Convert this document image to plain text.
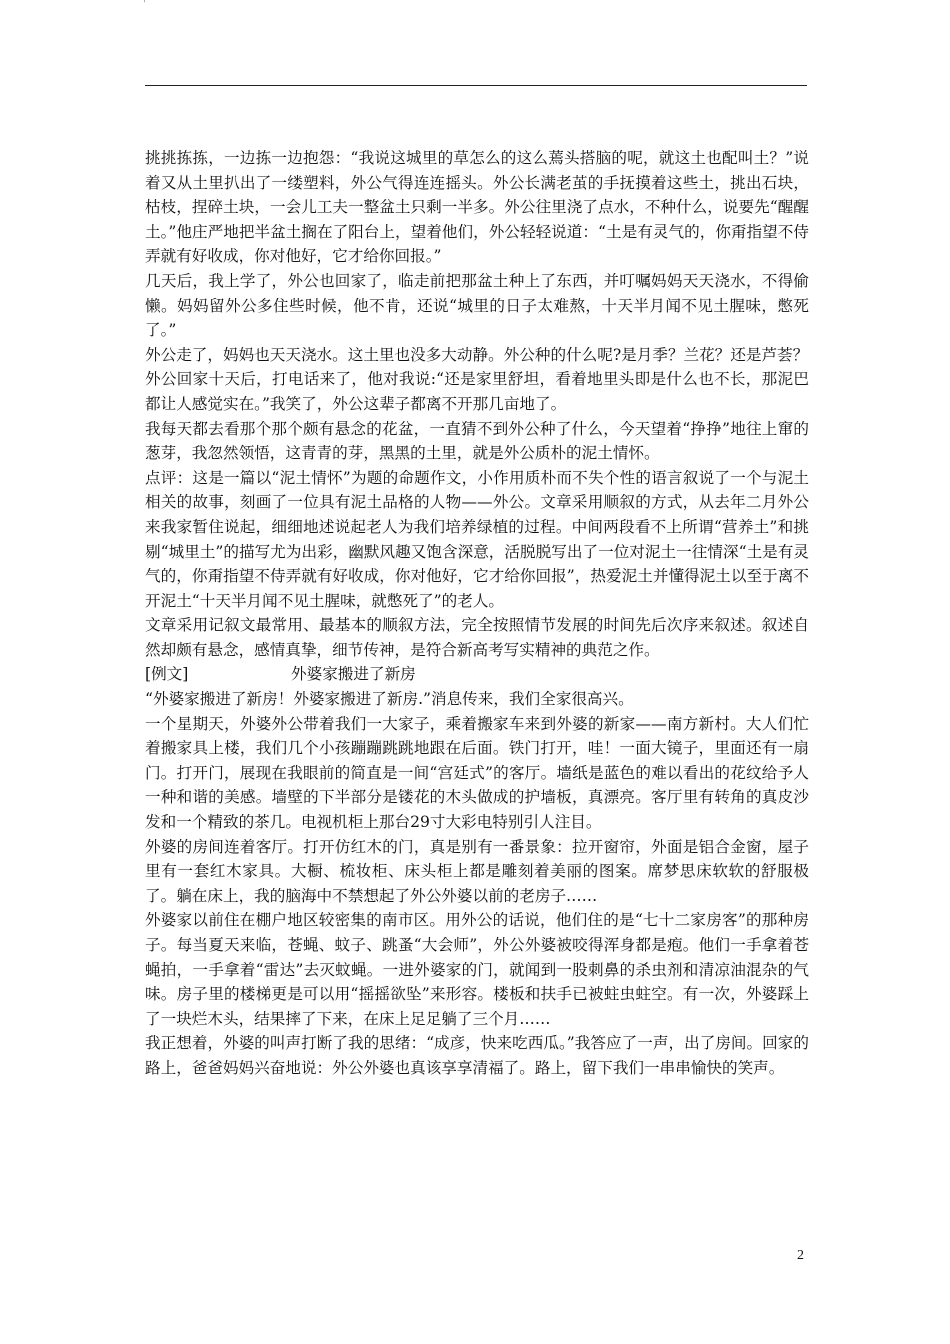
'

挑挑拣拣，一边拣一边抱怨：“我说这城里的草怎么的这么蔫头搭脑的呢，就这土也配叫土？”说着又从土里扒出了一缕塑料，外公气得连连摇头。外公长满老茧的手抚摸着这些土，挑出石块，枯枝，捏碎土块，一会儿工夫一整盆土只剩一半多。外公往里浇了点水，不种什么，说要先“醒醒土。”他庄严地把半盆土搁在了阳台上，望着他们，外公轻轻说道：“土是有灵气的，你甭指望不侍弄就有好收成，你对他好，它才给你回报。”

几天后，我上学了，外公也回家了，临走前把那盆土种上了东西，并叮嘱妈妈天天浇水，不得偷懒。妈妈留外公多住些时候，他不肯，还说“城里的日子太难熬，十天半月闻不见土腥味，憋死了。”

外公走了，妈妈也天天浇水。这土里也没多大动静。外公种的什么呢?是月季？兰花？还是芦荟？

外公回家十天后，打电话来了，他对我说:“还是家里舒坦，看着地里头即是什么也不长，那泥巴都让人感觉实在。”我笑了，外公这辈子都离不开那几亩地了。

我每天都去看那个那个颇有悬念的花盆，一直猜不到外公种了什么，今天望着“挣挣”地往上窜的葱芽，我忽然领悟，这青青的芽，黑黑的土里，就是外公质朴的泥土情怀。

点评：这是一篇以“泥土情怀”为题的命题作文，小作用质朴而不失个性的语言叙说了一个与泥土相关的故事，刻画了一位具有泥土品格的人物——外公。文章采用顺叙的方式，从去年二月外公来我家暂住说起，细细地述说起老人为我们培养绿植的过程。中间两段看不上所谓“营养土”和挑剔“城里土”的描写尤为出彩，幽默风趣又饱含深意，活脱脱写出了一位对泥土一往情深“土是有灵气的，你甭指望不侍弄就有好收成，你对他好，它才给你回报”，热爱泥土并懂得泥土以至于离不开泥土“十天半月闻不见土腥味，就憋死了”的老人。

文章采用记叙文最常用、最基本的顺叙方法，完全按照情节发展的时间先后次序来叙述。叙述自然却颇有悬念，感情真挚，细节传神，是符合新高考写实精神的典范之作。

[例文]	外婆家搬进了新房

“外婆家搬进了新房！外婆家搬进了新房.”消息传来，我们全家很高兴。

一个星期天，外婆外公带着我们一大家子，乘着搬家车来到外婆的新家——南方新村。大人们忙着搬家具上楼，我们几个小孩蹦蹦跳跳地跟在后面。铁门打开，哇！一面大镜子，里面还有一扇门。打开门，展现在我眼前的简直是一间“宫廷式”的客厅。墙纸是蓝色的难以看出的花纹给予人一种和谐的美感。墙壁的下半部分是镂花的木头做成的护墙板，真漂亮。客厅里有转角的真皮沙发和一个精致的茶几。电视机柜上那台29寸大彩电特别引人注目。

外婆的房间连着客厅。打开仿红木的门，真是别有一番景象：拉开窗帘，外面是铝合金窗，屋子里有一套红木家具。大橱、梳妆柜、床头柜上都是雕刻着美丽的图案。席梦思床软软的舒服极了。躺在床上，我的脑海中不禁想起了外公外婆以前的老房子……

外婆家以前住在棚户地区较密集的南市区。用外公的话说，他们住的是“七十二家房客”的那种房子。每当夏天来临，苍蝇、蚊子、跳蚤“大会师”，外公外婆被咬得浑身都是疱。他们一手拿着苍蝇拍，一手拿着“雷达”去灭蚊蝇。一进外婆家的门，就闻到一股刺鼻的杀虫剂和清凉油混杂的气味。房子里的楼梯更是可以用“摇摇欲坠”来形容。楼板和扶手已被蛀虫蛀空。有一次，外婆踩上了一块烂木头，结果摔了下来，在床上足足躺了三个月……

我正想着，外婆的叫声打断了我的思绪：“成彦，快来吃西瓜。”我答应了一声，出了房间。回家的路上，爸爸妈妈兴奋地说：外公外婆也真该享享清福了。路上，留下我们一串串愉快的笑声。

2
